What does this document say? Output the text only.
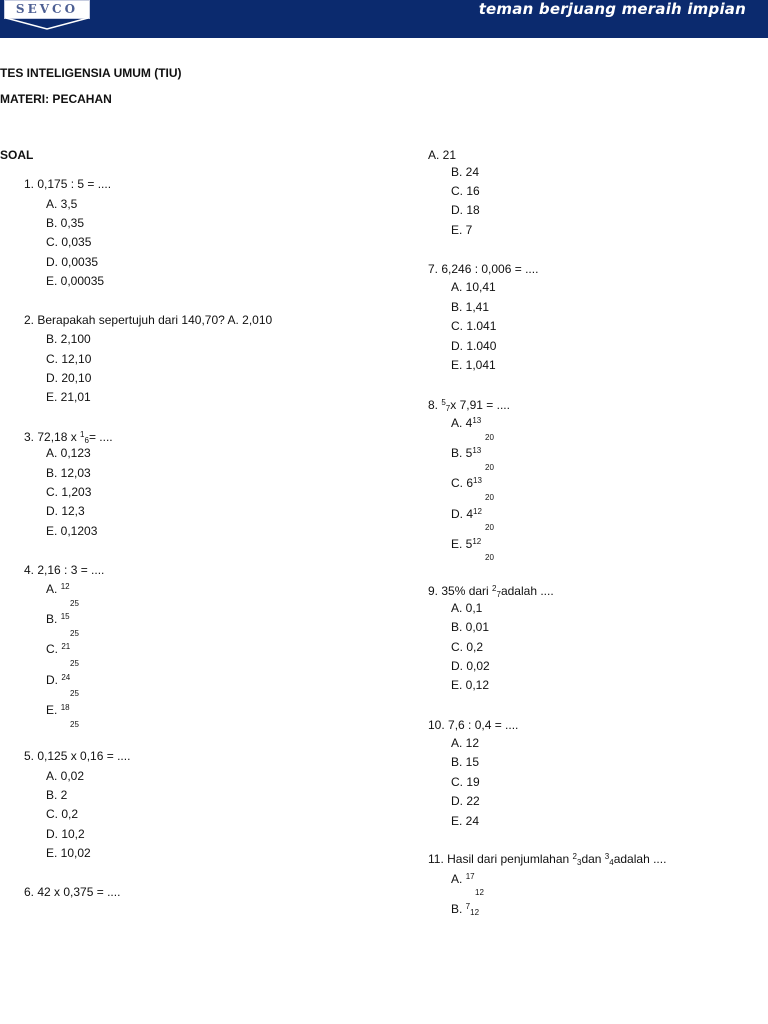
SEVCO	teman berjuang meraih impian
TES INTELIGENSIA UMUM (TIU)
MATERI: PECAHAN
SOAL
1. 0,175 : 5 = ....
A. 3,5
B. 0,35
C. 0,035
D. 0,0035
E. 0,00035
2. Berapakah sepertujuh dari 140,70? A. 2,010
B. 2,100
C. 12,10
D. 20,10
E. 21,01
3. 72,18 x $^1_6$= ....
A. 0,123
B. 12,03
C. 1,203
D. 12,3
E. 0,1203
4. 2,16 : 3 = ....
A. $^{12}$
25
B. $^{15}$
25
C. $^{21}$
25
D. $^{24}$
25
E. $^{18}$
25
5. 0,125 x 0,16 = ....
A. 0,02
B. 2
C. 0,2
D. 10,2
E. 10,02
6. 42 x 0,375 = ....
A. 21
B. 24
C. 16
D. 18
E. 7
7. 6,246 : 0,006 = ....
A. 10,41
B. 1,41
C. 1.041
D. 1.040
E. 1,041
8. $^5_7$x 7,91 = ....
A. $4^{13}$
20
B. $5^{13}$
20
C. $6^{13}$
20
D. $4^{12}$
20
E. $5^{12}$
20
9. 35% dari $^2_7$adalah ....
A. 0,1
B. 0,01
C. 0,2
D. 0,02
E. 0,12
10. 7,6 : 0,4 = ....
A. 12
B. 15
C. 19
D. 22
E. 24
11. Hasil dari penjumlahan $^2_3$dan $^3_4$adalah ....
A. $^{17}$
12
B. $^7_{12}$
